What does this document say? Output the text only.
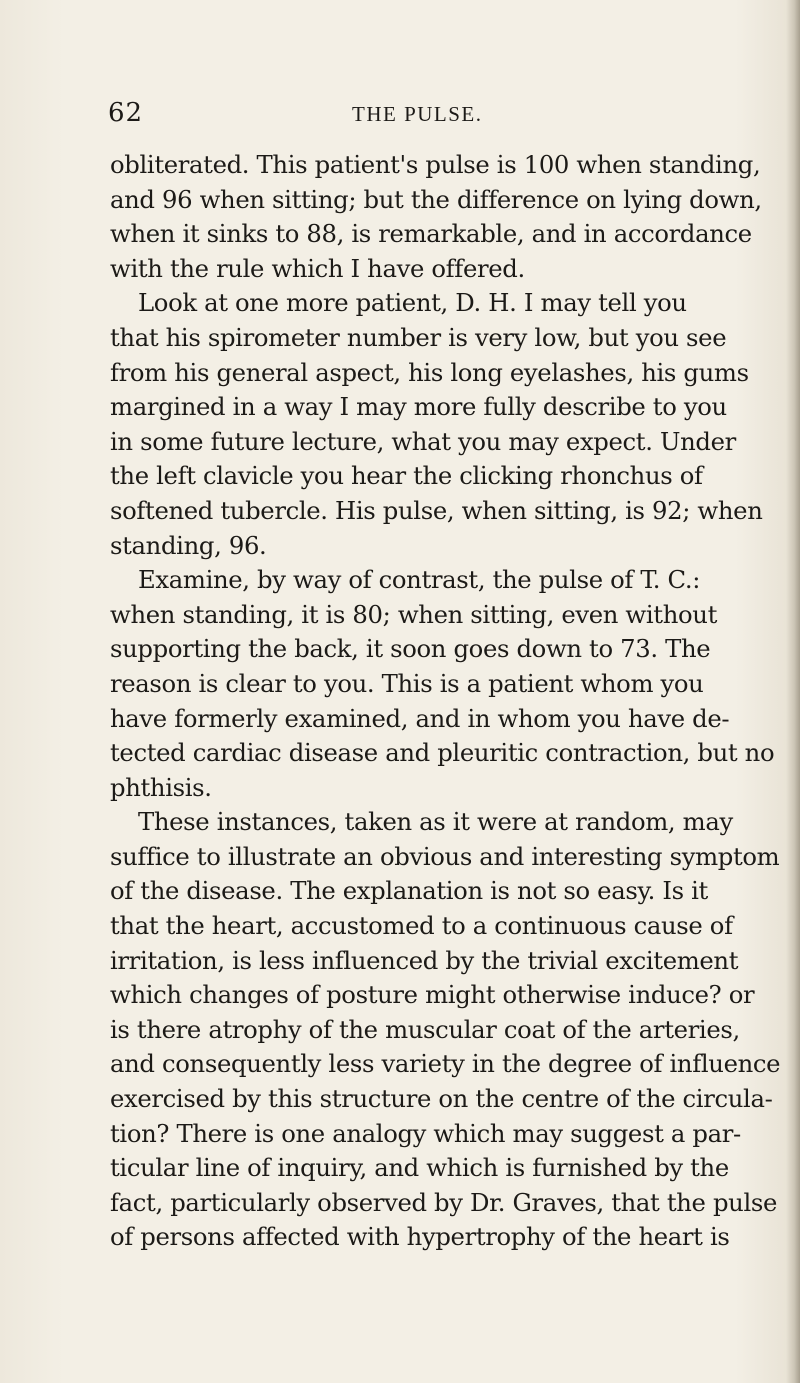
62	THE PULSE.
obliterated. This patient's pulse is 100 when standing,
and 96 when sitting; but the difference on lying down,
when it sinks to 88, is remarkable, and in accordance
with the rule which I have offered.
Look at one more patient, D. H. I may tell you
that his spirometer number is very low, but you see
from his general aspect, his long eyelashes, his gums
margined in a way I may more fully describe to you
in some future lecture, what you may expect. Under
the left clavicle you hear the clicking rhonchus of
softened tubercle. His pulse, when sitting, is 92; when
standing, 96.
Examine, by way of contrast, the pulse of T. C.:
when standing, it is 80; when sitting, even without
supporting the back, it soon goes down to 73. The
reason is clear to you. This is a patient whom you
have formerly examined, and in whom you have de-
tected cardiac disease and pleuritic contraction, but no
phthisis.
These instances, taken as it were at random, may
suffice to illustrate an obvious and interesting symptom
of the disease. The explanation is not so easy. Is it
that the heart, accustomed to a continuous cause of
irritation, is less influenced by the trivial excitement
which changes of posture might otherwise induce? or
is there atrophy of the muscular coat of the arteries,
and consequently less variety in the degree of influence
exercised by this structure on the centre of the circula-
tion? There is one analogy which may suggest a par-
ticular line of inquiry, and which is furnished by the
fact, particularly observed by Dr. Graves, that the pulse
of persons affected with hypertrophy of the heart is
